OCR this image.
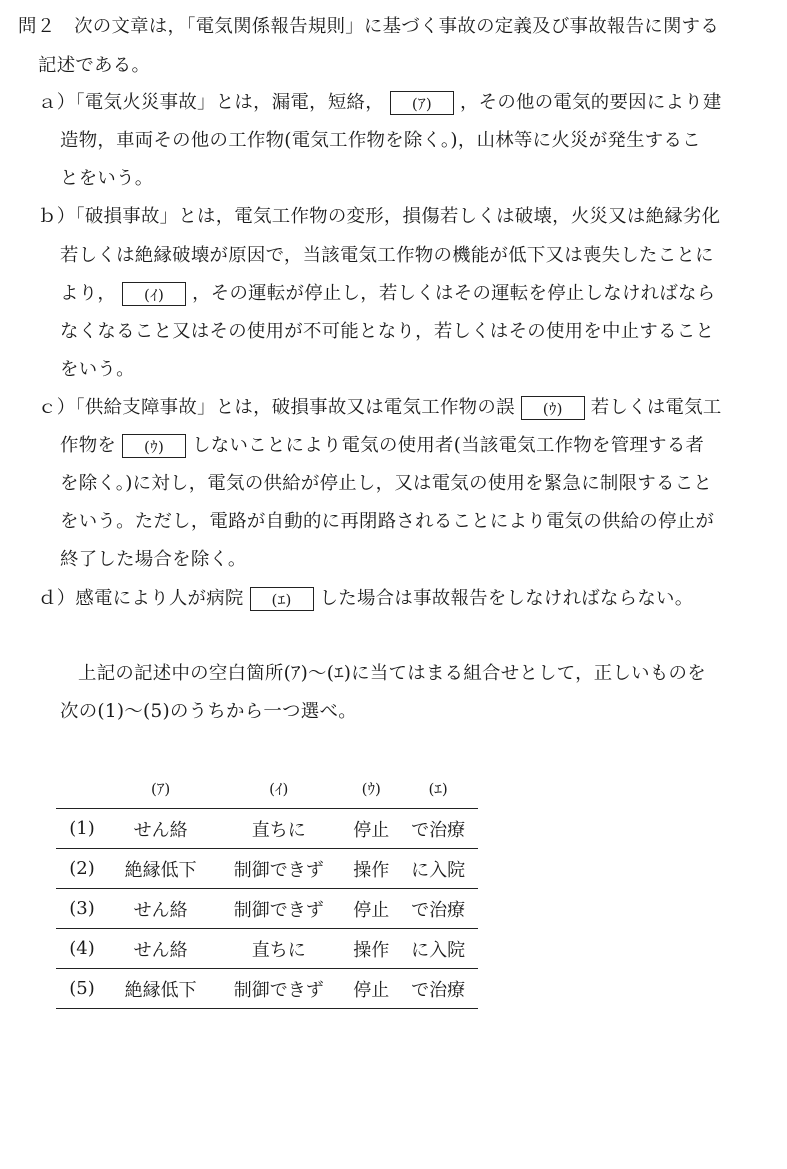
問２　次の文章は，「電気関係報告規則」に基づく事故の定義及び事故報告に関する
記述である。
ａ）「電気火災事故」とは，漏電，短絡， (ｱ) ，その他の電気的要因により建
造物，車両その他の工作物(電気工作物を除く。)，山林等に火災が発生するこ
とをいう。
ｂ）「破損事故」とは，電気工作物の変形，損傷若しくは破壊，火災又は絶縁劣化
若しくは絶縁破壊が原因で，当該電気工作物の機能が低下又は喪失したことに
より， (ｲ) ，その運転が停止し，若しくはその運転を停止しなければなら
なくなること又はその使用が不可能となり，若しくはその使用を中止すること
をいう。
ｃ）「供給支障事故」とは，破損事故又は電気工作物の誤 (ｳ) 若しくは電気工
作物を (ｳ) しないことにより電気の使用者(当該電気工作物を管理する者
を除く。)に対し，電気の供給が停止し，又は電気の使用を緊急に制限すること
をいう。ただし，電路が自動的に再閉路されることにより電気の供給の停止が
終了した場合を除く。
ｄ）感電により人が病院 (ｴ) した場合は事故報告をしなければならない。
上記の記述中の空白箇所(ｱ)～(ｴ)に当てはまる組合せとして，正しいものを
次の(1)～(5)のうちから一つ選べ。
	(ｱ)	(ｲ)	(ｳ)	(ｴ)
(1)	せん絡	直ちに	停止	で治療
(2)	絶縁低下	制御できず	操作	に入院
(3)	せん絡	制御できず	停止	で治療
(4)	せん絡	直ちに	操作	に入院
(5)	絶縁低下	制御できず	停止	で治療
